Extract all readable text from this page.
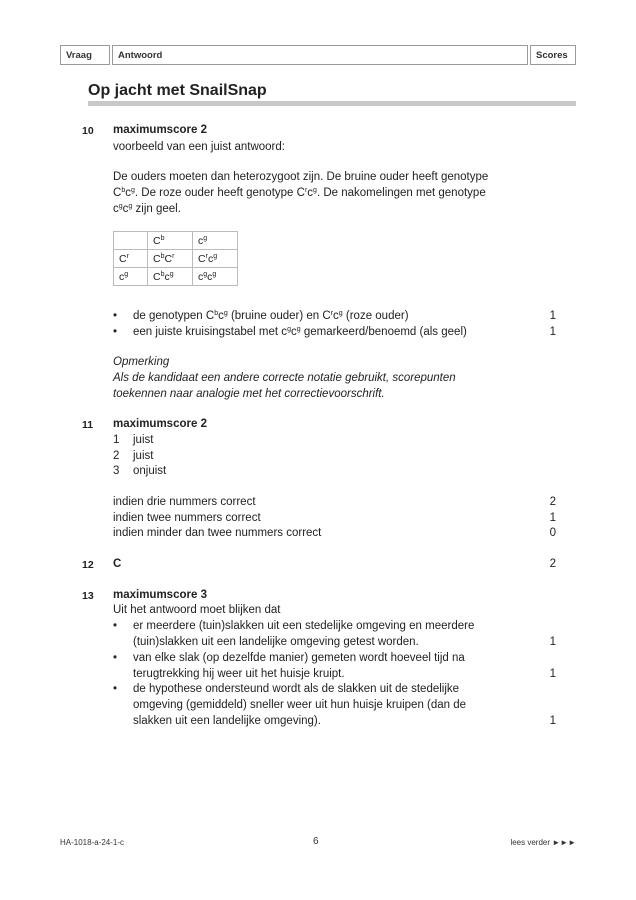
Vraag	Antwoord	Scores
Op jacht met SnailSnap
10 maximumscore 2
voorbeeld van een juist antwoord:
De ouders moeten dan heterozygoot zijn. De bruine ouder heeft genotype
$C^bc^g$. De roze ouder heeft genotype $C^rc^g$. De nakomelingen met genotype
$c^gc^g$ zijn geel.
	$C^b$	$c^g$
$C^r$	$C^bC^r$	$C^rc^g$
$c^g$	$C^bc^g$	$c^gc^g$
• de genotypen $C^bc^g$ (bruine ouder) en $C^rc^g$ (roze ouder)	1
• een juiste kruisingstabel met $c^gc^g$ gemarkeerd/benoemd (als geel)	1
Opmerking
Als de kandidaat een andere correcte notatie gebruikt, scorepunten
toekennen naar analogie met het correctievoorschrift.
11 maximumscore 2
1 juist
2 juist
3 onjuist
indien drie nummers correct	2
indien twee nummers correct	1
indien minder dan twee nummers correct	0
12 C	2
13 maximumscore 3
Uit het antwoord moet blijken dat
• er meerdere (tuin)slakken uit een stedelijke omgeving en meerdere
(tuin)slakken uit een landelijke omgeving getest worden.	1
• van elke slak (op dezelfde manier) gemeten wordt hoeveel tijd na
terugtrekking hij weer uit het huisje kruipt.	1
• de hypothese ondersteund wordt als de slakken uit de stedelijke
omgeving (gemiddeld) sneller weer uit hun huisje kruipen (dan de
slakken uit een landelijke omgeving).	1
HA-1018-a-24-1-c	6	lees verder ►►►
